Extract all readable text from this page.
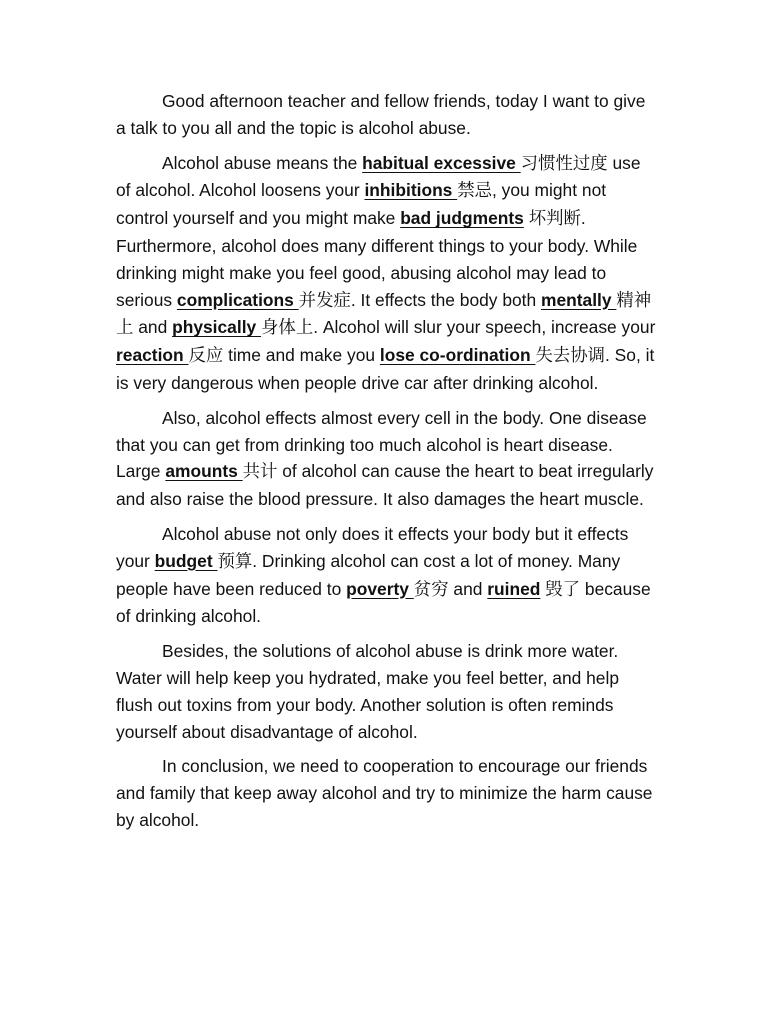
Good afternoon teacher and fellow friends, today I want to give a talk to you all and the topic is alcohol abuse.

Alcohol abuse means the habitual excessive 习惯性过度 use of alcohol. Alcohol loosens your inhibitions 禁忌, you might not control yourself and you might make bad judgments 坏判断. Furthermore, alcohol does many different things to your body. While drinking might make you feel good, abusing alcohol may lead to serious complications 并发症. It effects the body both mentally 精神上 and physically 身体上. Alcohol will slur your speech, increase your reaction 反应 time and make you lose co-ordination 失去协调. So, it is very dangerous when people drive car after drinking alcohol.

Also, alcohol effects almost every cell in the body. One disease that you can get from drinking too much alcohol is heart disease. Large amounts 共计 of alcohol can cause the heart to beat irregularly and also raise the blood pressure. It also damages the heart muscle.

Alcohol abuse not only does it effects your body but it effects your budget 预算. Drinking alcohol can cost a lot of money. Many people have been reduced to poverty 贫穷 and ruined 毁了 because of drinking alcohol.

Besides, the solutions of alcohol abuse is drink more water. Water will help keep you hydrated, make you feel better, and help flush out toxins from your body. Another solution is often reminds yourself about disadvantage of alcohol.

In conclusion, we need to cooperation to encourage our friends and family that keep away alcohol and try to minimize the harm cause by alcohol.
